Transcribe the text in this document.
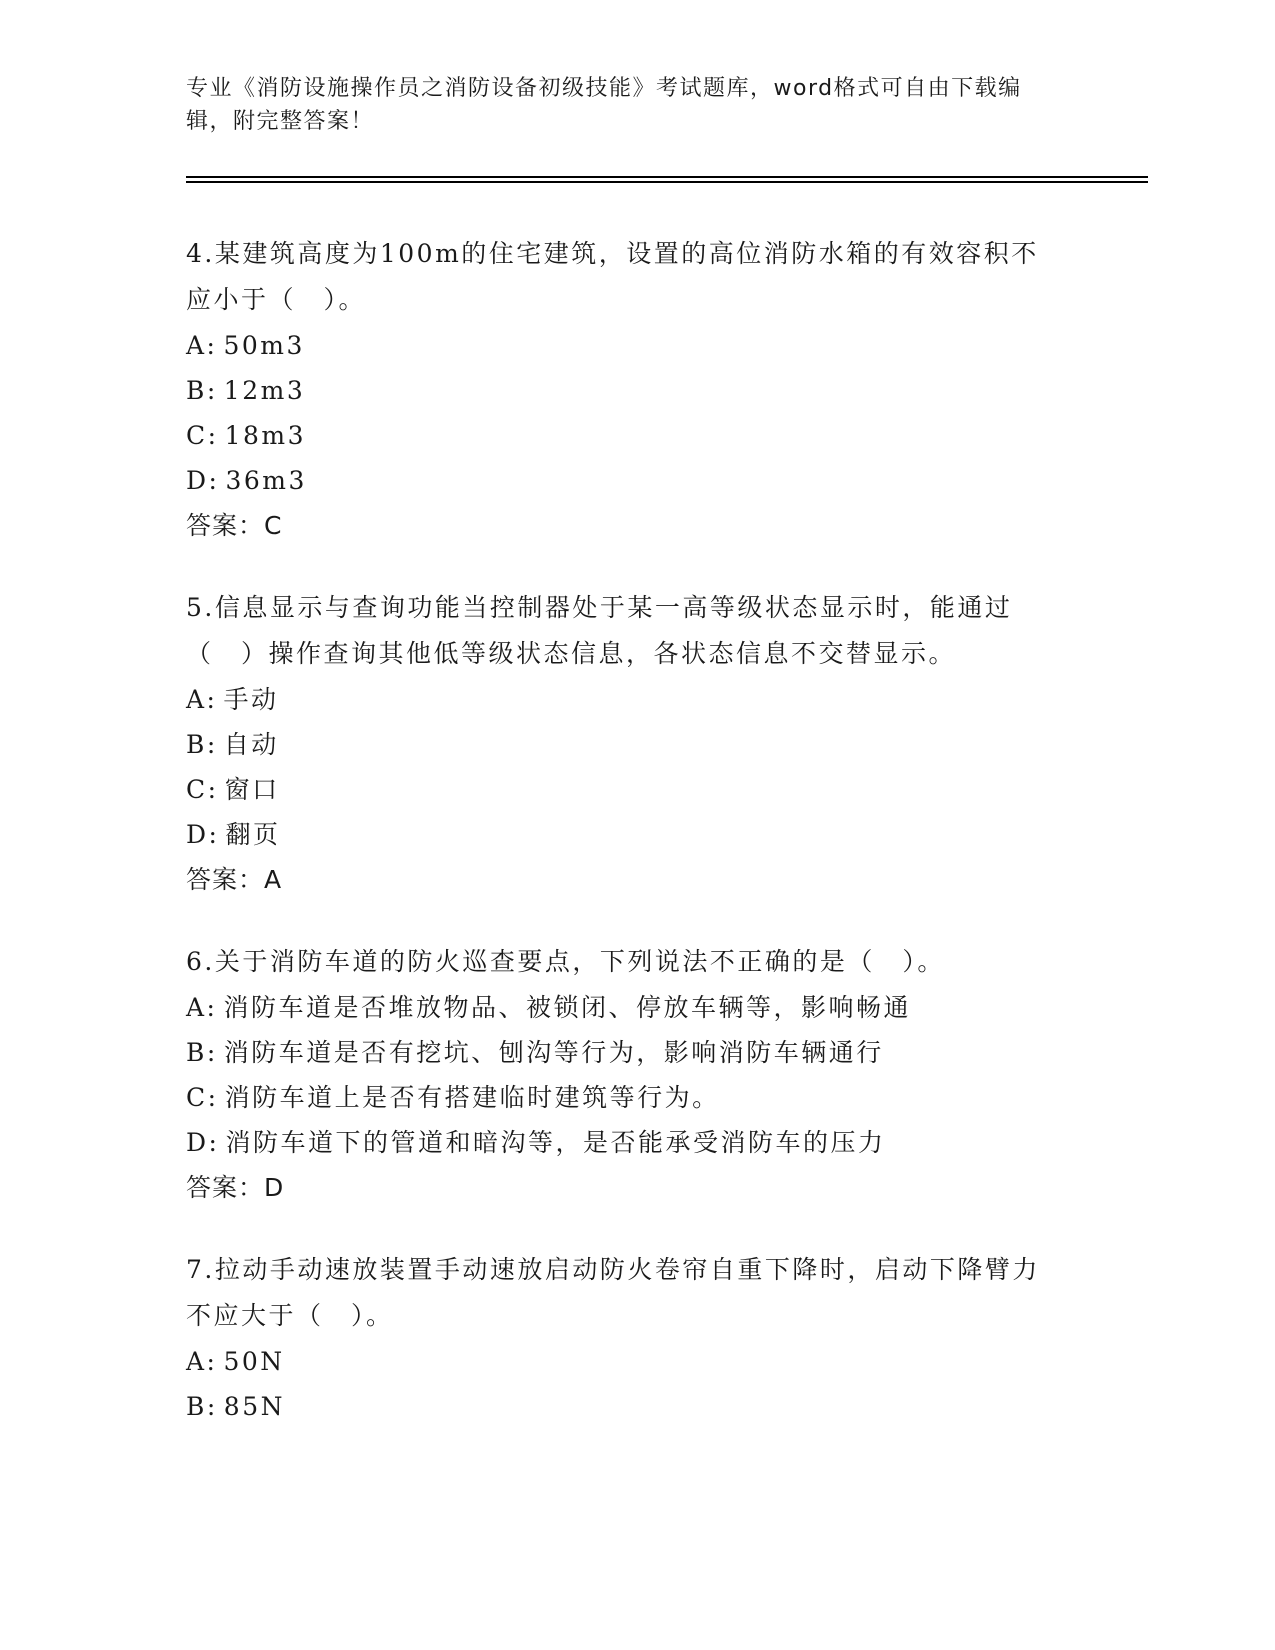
专业《消防设施操作员之消防设备初级技能》考试题库，word格式可自由下载编辑，附完整答案！

4.某建筑高度为100m的住宅建筑，设置的高位消防水箱的有效容积不应小于（　）。

A: 50m3

B: 12m3

C: 18m3

D: 36m3

答案：C

5.信息显示与查询功能当控制器处于某一高等级状态显示时，能通过（　）操作查询其他低等级状态信息，各状态信息不交替显示。

A: 手动

B: 自动

C: 窗口

D: 翻页

答案：A

6.关于消防车道的防火巡查要点，下列说法不正确的是（　）。

A: 消防车道是否堆放物品、被锁闭、停放车辆等，影响畅通

B: 消防车道是否有挖坑、刨沟等行为，影响消防车辆通行

C: 消防车道上是否有搭建临时建筑等行为。

D: 消防车道下的管道和暗沟等，是否能承受消防车的压力

答案：D

7.拉动手动速放装置手动速放启动防火卷帘自重下降时，启动下降臂力不应大于（　）。

A: 50N

B: 85N
